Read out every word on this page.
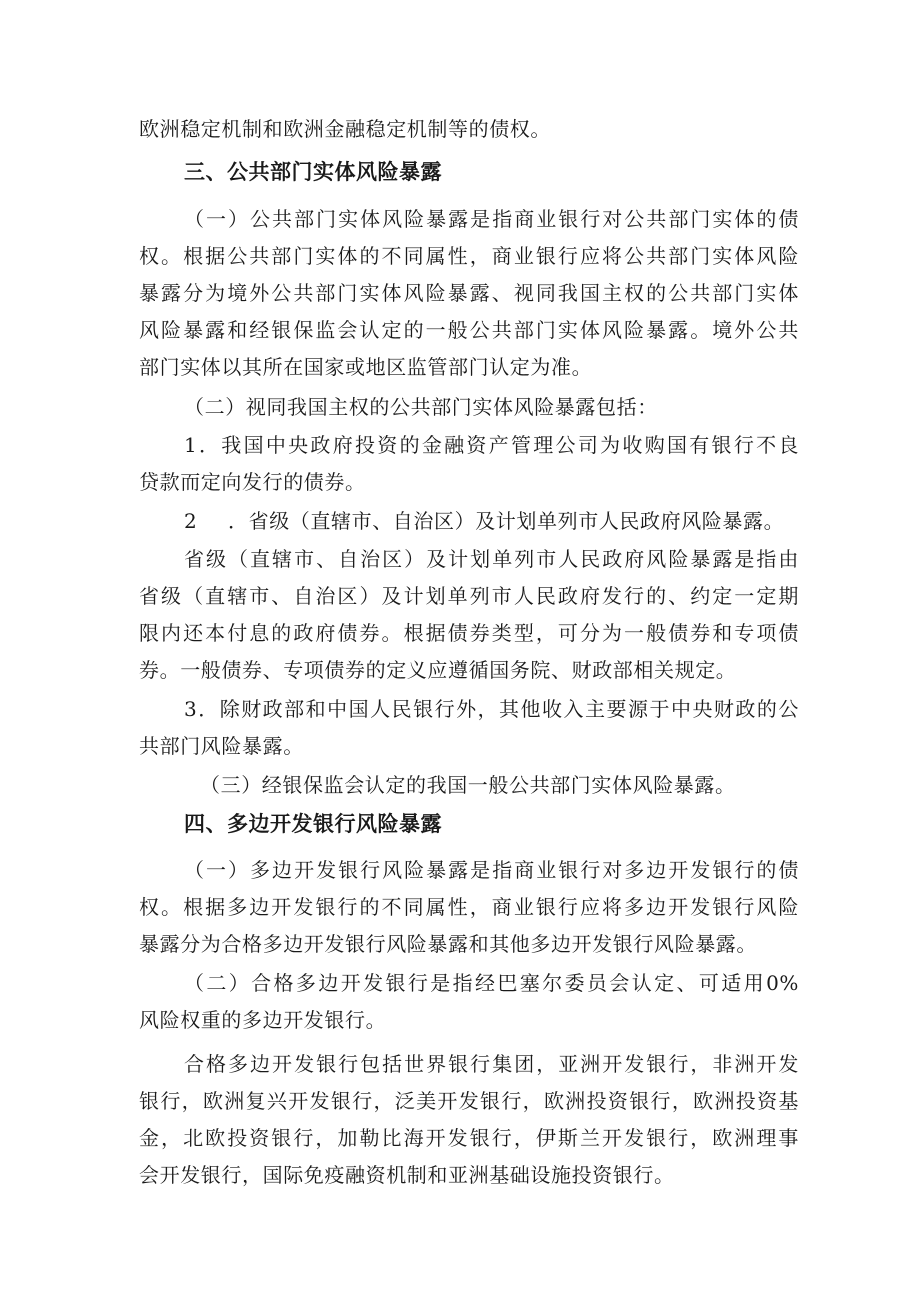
欧洲稳定机制和欧洲金融稳定机制等的债权。
三、公共部门实体风险暴露
（一）公共部门实体风险暴露是指商业银行对公共部门实体的债
权。根据公共部门实体的不同属性，商业银行应将公共部门实体风险
暴露分为境外公共部门实体风险暴露、视同我国主权的公共部门实体
风险暴露和经银保监会认定的一般公共部门实体风险暴露。境外公共
部门实体以其所在国家或地区监管部门认定为准。
（二）视同我国主权的公共部门实体风险暴露包括：
1．我国中央政府投资的金融资产管理公司为收购国有银行不良
贷款而定向发行的债券。
2 ．省级（直辖市、自治区）及计划单列市人民政府风险暴露。
省级（直辖市、自治区）及计划单列市人民政府风险暴露是指由
省级（直辖市、自治区）及计划单列市人民政府发行的、约定一定期
限内还本付息的政府债券。根据债券类型，可分为一般债券和专项债
券。一般债券、专项债券的定义应遵循国务院、财政部相关规定。
3．除财政部和中国人民银行外，其他收入主要源于中央财政的公
共部门风险暴露。
（三）经银保监会认定的我国一般公共部门实体风险暴露。
四、多边开发银行风险暴露
（一）多边开发银行风险暴露是指商业银行对多边开发银行的债
权。根据多边开发银行的不同属性，商业银行应将多边开发银行风险
暴露分为合格多边开发银行风险暴露和其他多边开发银行风险暴露。
（二）合格多边开发银行是指经巴塞尔委员会认定、可适用0%
风险权重的多边开发银行。
合格多边开发银行包括世界银行集团，亚洲开发银行，非洲开发
银行，欧洲复兴开发银行，泛美开发银行，欧洲投资银行，欧洲投资基
金，北欧投资银行，加勒比海开发银行，伊斯兰开发银行，欧洲理事
会开发银行，国际免疫融资机制和亚洲基础设施投资银行。
